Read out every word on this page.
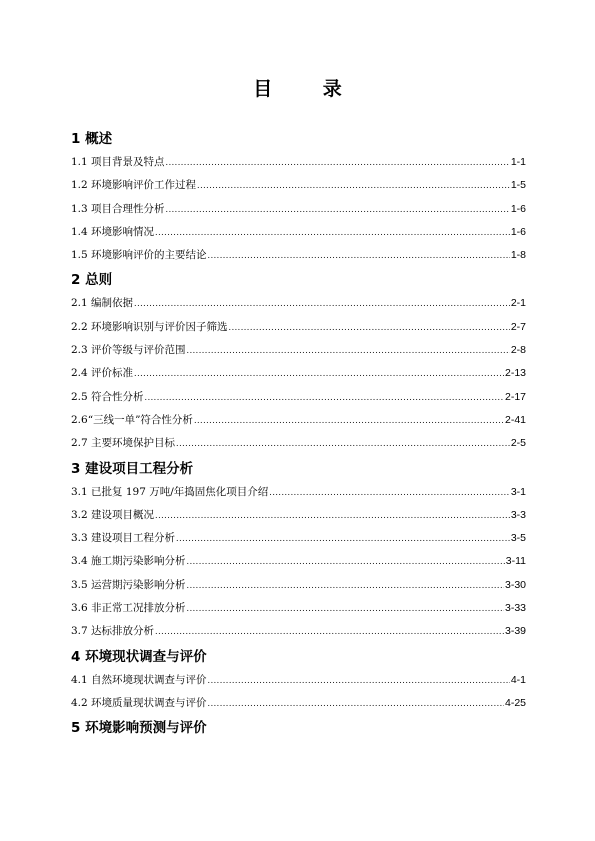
目 录
1 概述
1.1 项目背景及特点 .....	1-1
1.2 环境影响评价工作过程 .....	1-5
1.3 项目合理性分析 .....	1-6
1.4 环境影响情况 .....	1-6
1.5 环境影响评价的主要结论 .....	1-8
2 总则
2.1 编制依据 .....	2-1
2.2 环境影响识别与评价因子筛选 .....	2-7
2.3 评价等级与评价范围 .....	2-8
2.4 评价标准 .....	2-13
2.5 符合性分析 .....	2-17
2.6“三线一单”符合性分析 .....	2-41
2.7 主要环境保护目标 .....	2-5
3 建设项目工程分析
3.1 已批复 197 万吨/年捣固焦化项目介绍 .....	3-1
3.2 建设项目概况 .....	3-3
3.3 建设项目工程分析 .....	3-5
3.4 施工期污染影响分析 .....	3-11
3.5 运营期污染影响分析 .....	3-30
3.6 非正常工况排放分析 .....	3-33
3.7 达标排放分析 .....	3-39
4 环境现状调查与评价
4.1 自然环境现状调查与评价 .....	4-1
4.2 环境质量现状调查与评价 .....	4-25
5 环境影响预测与评价
